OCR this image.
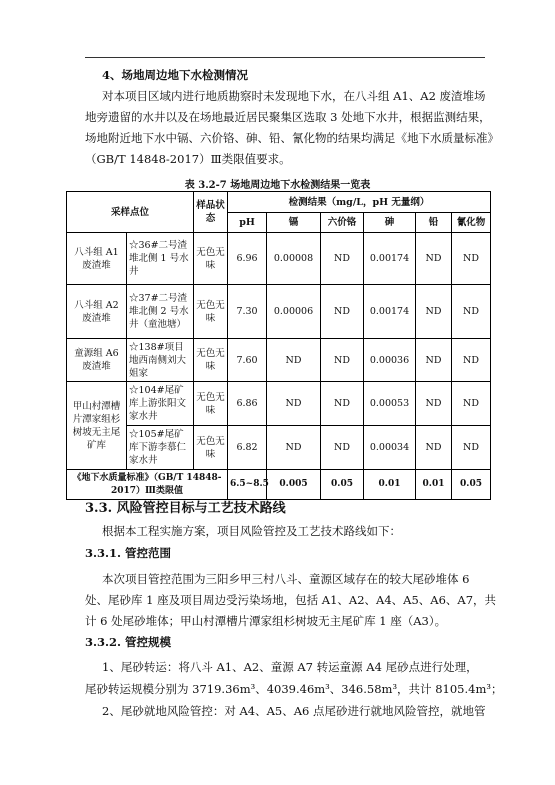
4、场地周边地下水检测情况
对本项目区域内进行地质勘察时未发现地下水，在八斗组 A1、A2 废渣堆场
地旁遗留的水井以及在场地最近居民聚集区选取 3 处地下水井，根据监测结果，
场地附近地下水中镉、六价铬、砷、铅、氰化物的结果均满足《地下水质量标准》
（GB/T 14848-2017）Ⅲ类限值要求。
表 3.2-7 场地周边地下水检测结果一览表
采样点位		样品状态	检测结果（mg/L，pH 无量纲）					
			pH	镉	六价铬	砷	铅	氰化物
八斗组 A1 废渣堆	☆36#二号渣堆北侧 1 号水井	无色无味	6.96	0.00008	ND	0.00174	ND	ND
八斗组 A2 废渣堆	☆37#二号渣堆北侧 2 号水井（童池塘）	无色无味	7.30	0.00006	ND	0.00174	ND	ND
童源组 A6 废渣堆	☆138#项目地西南侧刘大姐家	无色无味	7.60	ND	ND	0.00036	ND	ND
甲山村潭槽片潭家组杉树坡无主尾矿库	☆104#尾矿库上游张阳文家水井	无色无味	6.86	ND	ND	0.00053	ND	ND
	☆105#尾矿库下游李慕仁家水井	无色无味	6.82	ND	ND	0.00034	ND	ND
《地下水质量标准》（GB/T 14848-2017）Ⅲ类限值			6.5~8.5	0.005	0.05	0.01	0.01	0.05
3.3. 风险管控目标与工艺技术路线
根据本工程实施方案，项目风险管控及工艺技术路线如下：
3.3.1. 管控范围
本次项目管控范围为三阳乡甲三村八斗、童源区域存在的较大尾砂堆体 6
处、尾砂库 1 座及项目周边受污染场地，包括 A1、A2、A4、A5、A6、A7，共
计 6 处尾砂堆体；甲山村潭槽片潭家组杉树坡无主尾矿库 1 座（A3）。
3.3.2. 管控规模
1、尾砂转运：将八斗 A1、A2、童源 A7 转运童源 A4 尾砂点进行处理，
尾砂转运规模分别为 3719.36m³、4039.46m³、346.58m³，共计 8105.4m³；
2、尾砂就地风险管控：对 A4、A5、A6 点尾砂进行就地风险管控，就地管
